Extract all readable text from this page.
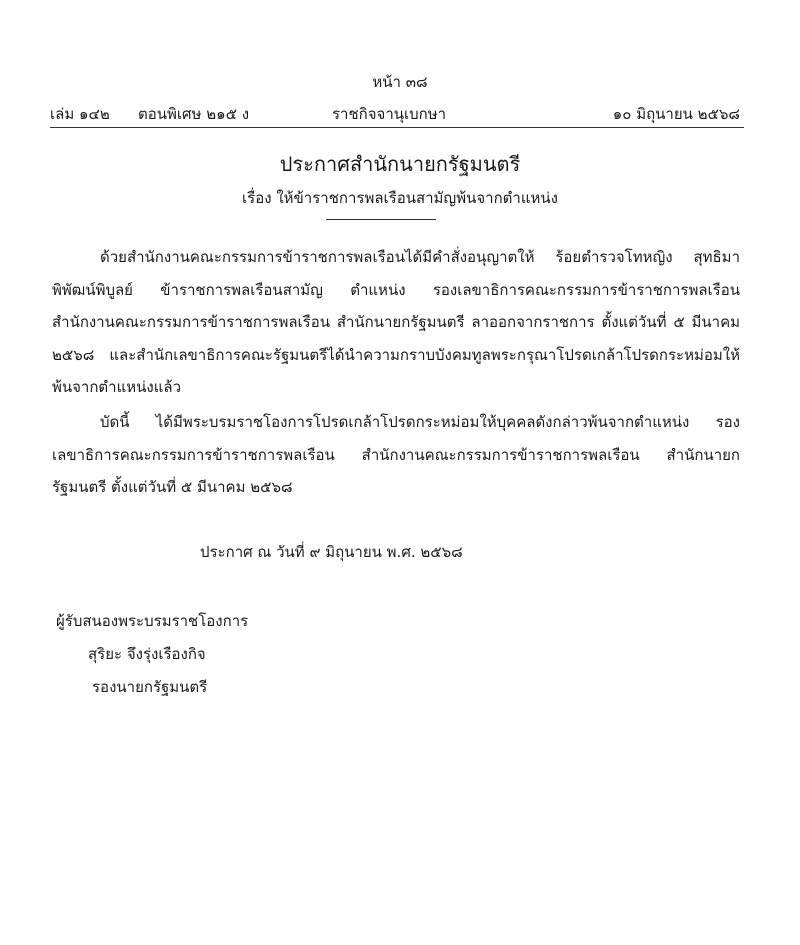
หน้า ๓๘
เล่ม ๑๔๒ ตอนพิเศษ ๒๑๕ ง	ราชกิจจานุเบกษา	๑๐ มิถุนายน ๒๕๖๘
ประกาศสำนักนายกรัฐมนตรี
เรื่อง ให้ข้าราชการพลเรือนสามัญพ้นจากตำแหน่ง

ด้วยสำนักงานคณะกรรมการข้าราชการพลเรือนได้มีคำสั่งอนุญาตให้ ร้อยตำรวจโทหญิง สุทธิมา พิพัฒน์พิบูลย์ ข้าราชการพลเรือนสามัญ ตำแหน่ง รองเลขาธิการคณะกรรมการข้าราชการพลเรือน สำนักงานคณะกรรมการข้าราชการพลเรือน สำนักนายกรัฐมนตรี ลาออกจากราชการ ตั้งแต่วันที่ ๕ มีนาคม ๒๕๖๘ และสำนักเลขาธิการคณะรัฐมนตรีได้นำความกราบบังคมทูลพระกรุณาโปรดเกล้าโปรดกระหม่อมให้พ้นจากตำแหน่งแล้ว

บัดนี้ ได้มีพระบรมราชโองการโปรดเกล้าโปรดกระหม่อมให้บุคคลดังกล่าวพ้นจากตำแหน่ง รองเลขาธิการคณะกรรมการข้าราชการพลเรือน สำนักงานคณะกรรมการข้าราชการพลเรือน สำนักนายกรัฐมนตรี ตั้งแต่วันที่ ๕ มีนาคม ๒๕๖๘

ประกาศ ณ วันที่ ๙ มิถุนายน พ.ศ. ๒๕๖๘
ผู้รับสนองพระบรมราชโองการ
สุริยะ จึงรุ่งเรืองกิจ
รองนายกรัฐมนตรี
